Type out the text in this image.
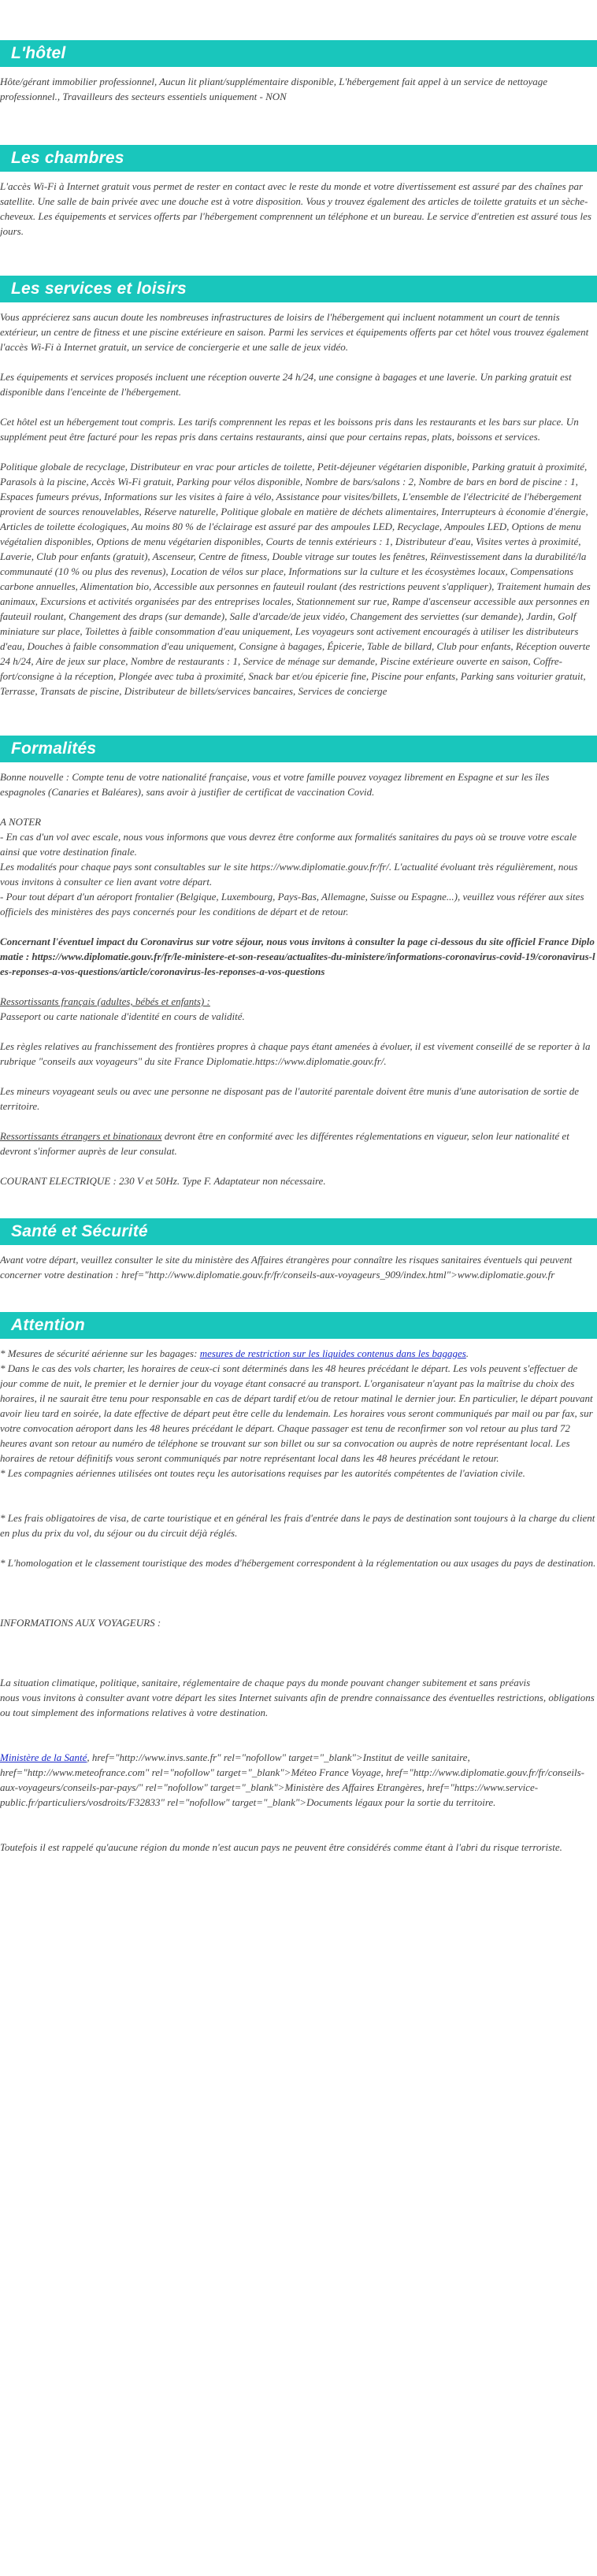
L'hôtel

Hôte/gérant immobilier professionnel, Aucun lit pliant/supplémentaire disponible, L'hébergement fait appel à un service de nettoyage professionnel., Travailleurs des secteurs essentiels uniquement - NON

Les chambres

L'accès Wi-Fi à Internet gratuit vous permet de rester en contact avec le reste du monde et votre divertissement est assuré par des chaînes par satellite. Une salle de bain privée avec une douche est à votre disposition. Vous y trouvez également des articles de toilette gratuits et un sèche-cheveux. Les équipements et services offerts par l'hébergement comprennent un téléphone et un bureau. Le service d'entretien est assuré tous les jours.

Les services et loisirs

Vous apprécierez sans aucun doute les nombreuses infrastructures de loisirs de l'hébergement qui incluent notamment un court de tennis extérieur, un centre de fitness et une piscine extérieure en saison. Parmi les services et équipements offerts par cet hôtel vous trouvez également l'accès Wi-Fi à Internet gratuit, un service de conciergerie et une salle de jeux vidéo.

Les équipements et services proposés incluent une réception ouverte 24 h/24, une consigne à bagages et une laverie. Un parking gratuit est disponible dans l'enceinte de l'hébergement.

Cet hôtel est un hébergement tout compris. Les tarifs comprennent les repas et les boissons pris dans les restaurants et les bars sur place. Un supplément peut être facturé pour les repas pris dans certains restaurants, ainsi que pour certains repas, plats, boissons et services.

Politique globale de recyclage, Distributeur en vrac pour articles de toilette, Petit-déjeuner végétarien disponible, Parking gratuit à proximité, Parasols à la piscine, Accès Wi-Fi gratuit, Parking pour vélos disponible, Nombre de bars/salons : 2, Nombre de bars en bord de piscine : 1, Espaces fumeurs prévus, Informations sur les visites à faire à vélo, Assistance pour visites/billets, L'ensemble de l'électricité de l'hébergement provient de sources renouvelables, Réserve naturelle, Politique globale en matière de déchets alimentaires, Interrupteurs à économie d'énergie, Articles de toilette écologiques, Au moins 80 % de l'éclairage est assuré par des ampoules LED, Recyclage, Ampoules LED, Options de menu végétalien disponibles, Options de menu végétarien disponibles, Courts de tennis extérieurs : 1, Distributeur d'eau, Visites vertes à proximité, Laverie, Club pour enfants (gratuit), Ascenseur, Centre de fitness, Double vitrage sur toutes les fenêtres, Réinvestissement dans la durabilité/la communauté (10 % ou plus des revenus), Location de vélos sur place, Informations sur la culture et les écosystèmes locaux, Compensations carbone annuelles, Alimentation bio, Accessible aux personnes en fauteuil roulant (des restrictions peuvent s'appliquer), Traitement humain des animaux, Excursions et activités organisées par des entreprises locales, Stationnement sur rue, Rampe d'ascenseur accessible aux personnes en fauteuil roulant, Changement des draps (sur demande), Salle d'arcade/de jeux vidéo, Changement des serviettes (sur demande), Jardin, Golf miniature sur place, Toilettes à faible consommation d'eau uniquement, Les voyageurs sont activement encouragés à utiliser les distributeurs d'eau, Douches à faible consommation d'eau uniquement, Consigne à bagages, Épicerie, Table de billard, Club pour enfants, Réception ouverte 24 h/24, Aire de jeux sur place, Nombre de restaurants : 1, Service de ménage sur demande, Piscine extérieure ouverte en saison, Coffre-fort/consigne à la réception, Plongée avec tuba à proximité, Snack bar et/ou épicerie fine, Piscine pour enfants, Parking sans voiturier gratuit, Terrasse, Transats de piscine, Distributeur de billets/services bancaires, Services de concierge

Formalités

Bonne nouvelle : Compte tenu de votre nationalité française, vous et votre famille pouvez voyagez librement en Espagne et sur les îles espagnoles (Canaries et Baléares), sans avoir à justifier de certificat de vaccination Covid.

A NOTER

- En cas d'un vol avec escale, nous vous informons que vous devrez être conforme aux formalités sanitaires du pays où se trouve votre escale ainsi que votre destination finale.

Les modalités pour chaque pays sont consultables sur le site https://www.diplomatie.gouv.fr/fr/. L'actualité évoluant très régulièrement, nous vous invitons à consulter ce lien avant votre départ.

- Pour tout départ d'un aéroport frontalier (Belgique, Luxembourg, Pays-Bas, Allemagne, Suisse ou Espagne...), veuillez vous référer aux sites officiels des ministères des pays concernés pour les conditions de départ et de retour.

Concernant l'éventuel impact du Coronavirus sur votre séjour, nous vous invitons à consulter la page ci-dessous du site officiel France Diplomatie : https://www.diplomatie.gouv.fr/fr/le-ministere-et-son-reseau/actualites-du-ministere/informations-coronavirus-covid-19/coronavirus-les-reponses-a-vos-questions/article/coronavirus-les-reponses-a-vos-questions

Ressortissants français (adultes, bébés et enfants) :

Passeport ou carte nationale d'identité en cours de validité.

Les règles relatives au franchissement des frontières propres à chaque pays étant amenées à évoluer, il est vivement conseillé de se reporter à la rubrique "conseils aux voyageurs" du site France Diplomatie.https://www.diplomatie.gouv.fr/.

Les mineurs voyageant seuls ou avec une personne ne disposant pas de l'autorité parentale doivent être munis d'une autorisation de sortie de territoire.

Ressortissants étrangers et binationaux devront être en conformité avec les différentes réglementations en vigueur, selon leur nationalité et devront s'informer auprès de leur consulat.

COURANT ELECTRIQUE : 230 V et 50Hz. Type F. Adaptateur non nécessaire.

Santé et Sécurité

Avant votre départ, veuillez consulter le site du ministère des Affaires étrangères pour connaître les risques sanitaires éventuels qui peuvent concerner votre destination : href="http://www.diplomatie.gouv.fr/fr/conseils-aux-voyageurs_909/index.html">www.diplomatie.gouv.fr

Attention

* Mesures de sécurité aérienne sur les bagages: mesures de restriction sur les liquides contenus dans les bagages.

* Dans le cas des vols charter, les horaires de ceux-ci sont déterminés dans les 48 heures précédant le départ. Les vols peuvent s'effectuer de jour comme de nuit, le premier et le dernier jour du voyage étant consacré au transport. L'organisateur n'ayant pas la maîtrise du choix des horaires, il ne saurait être tenu pour responsable en cas de départ tardif et/ou de retour matinal le dernier jour. En particulier, le départ pouvant avoir lieu tard en soirée, la date effective de départ peut être celle du lendemain. Les horaires vous seront communiqués par mail ou par fax, sur votre convocation aéroport dans les 48 heures précédant le départ. Chaque passager est tenu de reconfirmer son vol retour au plus tard 72 heures avant son retour au numéro de téléphone se trouvant sur son billet ou sur sa convocation ou auprès de notre représentant local. Les horaires de retour définitifs vous seront communiqués par notre représentant local dans les 48 heures précédant le retour.

* Les compagnies aériennes utilisées ont toutes reçu les autorisations requises par les autorités compétentes de l'aviation civile.

* Les frais obligatoires de visa, de carte touristique et en général les frais d'entrée dans le pays de destination sont toujours à la charge du client en plus du prix du vol, du séjour ou du circuit déjà réglés.

* L'homologation et le classement touristique des modes d'hébergement correspondent à la réglementation ou aux usages du pays de destination.

INFORMATIONS AUX VOYAGEURS :

La situation climatique, politique, sanitaire, réglementaire de chaque pays du monde pouvant changer subitement et sans préavis

nous vous invitons à consulter avant votre départ les sites Internet suivants afin de prendre connaissance des éventuelles restrictions, obligations ou tout simplement des informations relatives à votre destination.

Ministère de la Santé, href="http://www.invs.sante.fr" rel="nofollow" target="_blank">Institut de veille sanitaire, href="http://www.meteofrance.com" rel="nofollow" target="_blank">Méteo France Voyage, href="http://www.diplomatie.gouv.fr/fr/conseils-aux-voyageurs/conseils-par-pays/" rel="nofollow" target="_blank">Ministère des Affaires Etrangères, href="https://www.service-public.fr/particuliers/vosdroits/F32833" rel="nofollow" target="_blank">Documents légaux pour la sortie du territoire.

Toutefois il est rappelé qu'aucune région du monde n'est aucun pays ne peuvent être considérés comme étant à l'abri du risque terroriste.
